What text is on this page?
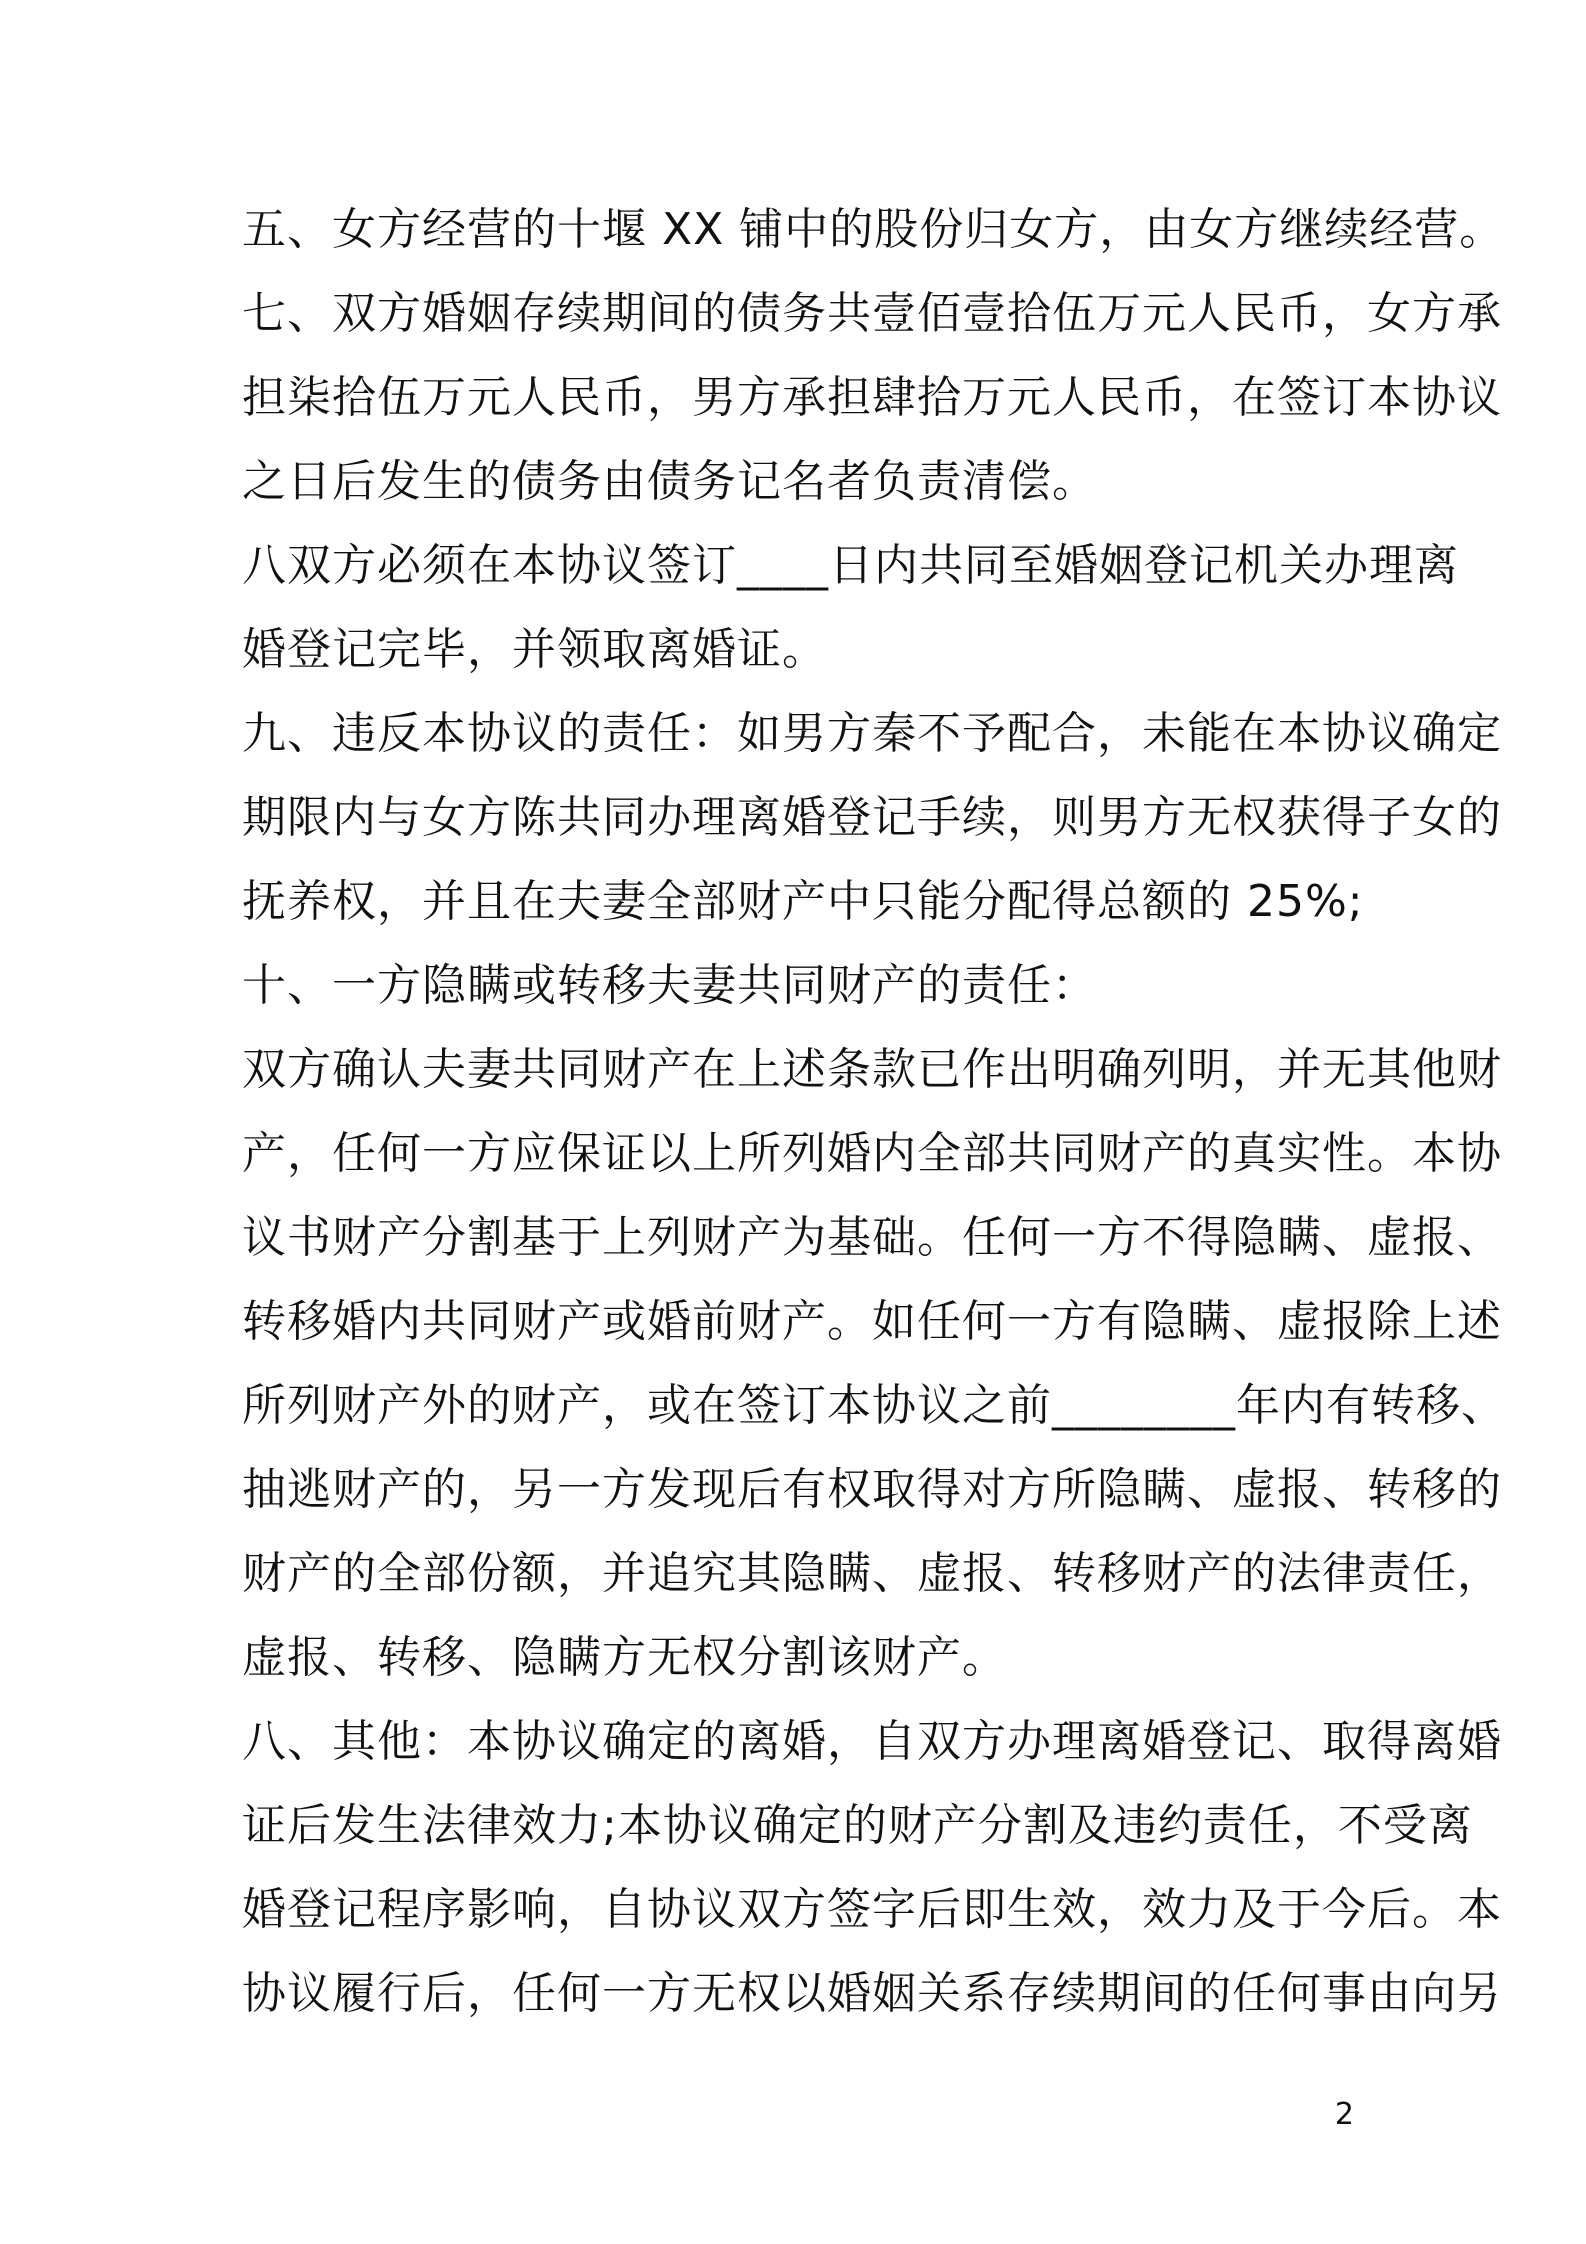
五、女方经营的十堰 XX 铺中的股份归女方，由女方继续经营。
七、双方婚姻存续期间的债务共壹佰壹拾伍万元人民币，女方承
担柒拾伍万元人民币，男方承担肆拾万元人民币，在签订本协议
之日后发生的债务由债务记名者负责清偿。
八双方必须在本协议签订____日内共同至婚姻登记机关办理离
婚登记完毕，并领取离婚证。
九、违反本协议的责任：如男方秦不予配合，未能在本协议确定
期限内与女方陈共同办理离婚登记手续，则男方无权获得子女的
抚养权，并且在夫妻全部财产中只能分配得总额的 25%;
十、一方隐瞒或转移夫妻共同财产的责任：
双方确认夫妻共同财产在上述条款已作出明确列明，并无其他财
产，任何一方应保证以上所列婚内全部共同财产的真实性。本协
议书财产分割基于上列财产为基础。任何一方不得隐瞒、虚报、
转移婚内共同财产或婚前财产。如任何一方有隐瞒、虚报除上述
所列财产外的财产，或在签订本协议之前________年内有转移、
抽逃财产的，另一方发现后有权取得对方所隐瞒、虚报、转移的
财产的全部份额，并追究其隐瞒、虚报、转移财产的法律责任，
虚报、转移、隐瞒方无权分割该财产。
八、其他：本协议确定的离婚，自双方办理离婚登记、取得离婚
证后发生法律效力;本协议确定的财产分割及违约责任，不受离
婚登记程序影响，自协议双方签字后即生效，效力及于今后。本
协议履行后，任何一方无权以婚姻关系存续期间的任何事由向另
2
